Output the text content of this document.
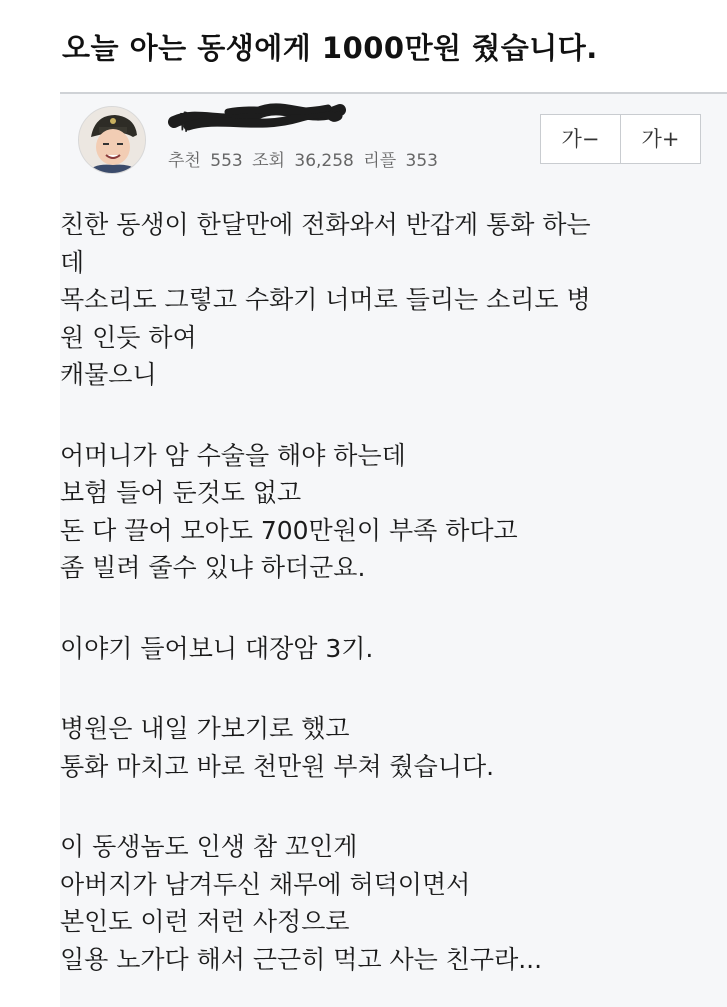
오늘 아는 동생에게 1000만원 줬습니다.
애
추천 553 조회 36,258 리플 353
가−	가+
친한 동생이 한달만에 전화와서 반갑게 통화 하는
데
목소리도 그렇고 수화기 너머로 들리는 소리도 병
원 인듯 하여
캐물으니
어머니가 암 수술을 해야 하는데
보험 들어 둔것도 없고
돈 다 끌어 모아도 700만원이 부족 하다고
좀 빌려 줄수 있냐 하더군요.
이야기 들어보니 대장암 3기.
병원은 내일 가보기로 했고
통화 마치고 바로 천만원 부쳐 줬습니다.
이 동생놈도 인생 참 꼬인게
아버지가 남겨두신 채무에 허덕이면서
본인도 이런 저런 사정으로
일용 노가다 해서 근근히 먹고 사는 친구라...
